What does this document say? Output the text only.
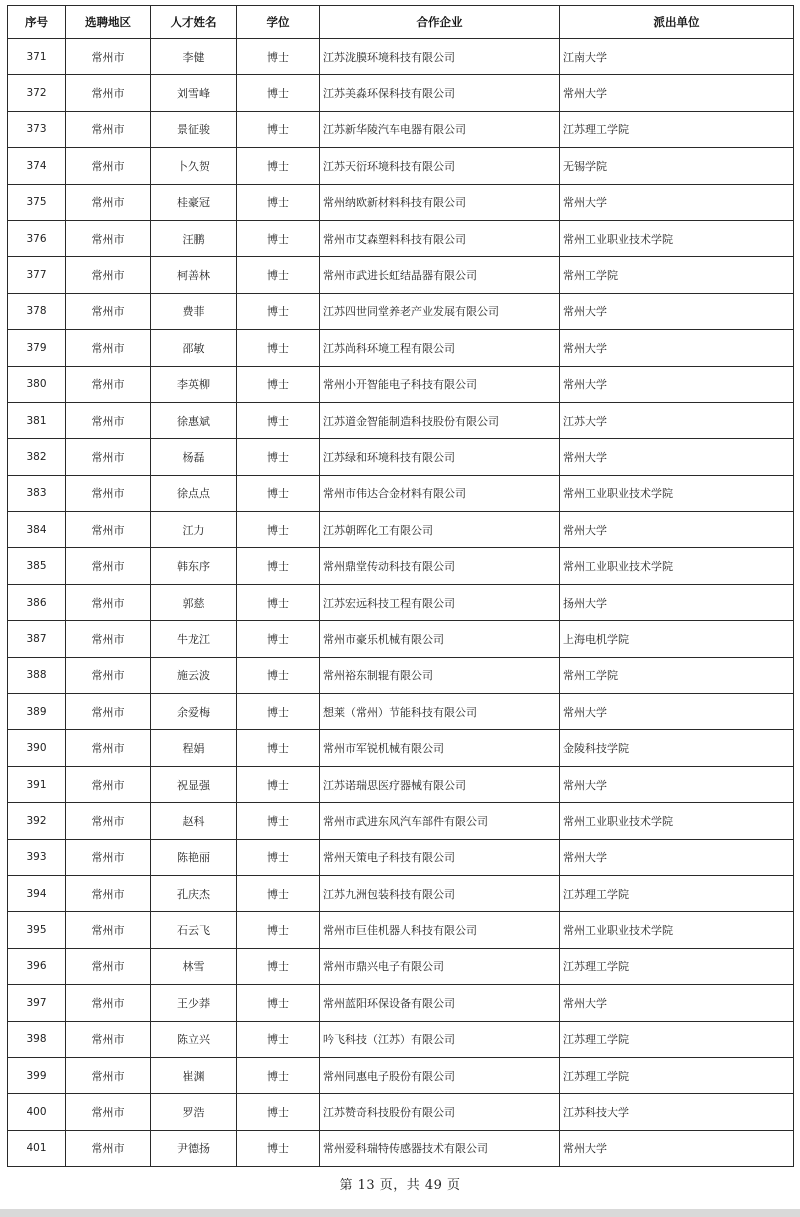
序号	选聘地区	人才姓名	学位	合作企业	派出单位
371	常州市	李健	博士	江苏泷膜环境科技有限公司	江南大学
372	常州市	刘雪峰	博士	江苏美淼环保科技有限公司	常州大学
373	常州市	景征骏	博士	江苏新华陵汽车电器有限公司	江苏理工学院
374	常州市	卜久贺	博士	江苏天衍环境科技有限公司	无锡学院
375	常州市	桂豪冠	博士	常州纳欧新材料科技有限公司	常州大学
376	常州市	汪鹏	博士	常州市艾森塑料科技有限公司	常州工业职业技术学院
377	常州市	柯善林	博士	常州市武进长虹结晶器有限公司	常州工学院
378	常州市	费菲	博士	江苏四世同堂养老产业发展有限公司	常州大学
379	常州市	邵敏	博士	江苏尚科环境工程有限公司	常州大学
380	常州市	李英柳	博士	常州小开智能电子科技有限公司	常州大学
381	常州市	徐惠斌	博士	江苏道金智能制造科技股份有限公司	江苏大学
382	常州市	杨磊	博士	江苏绿和环境科技有限公司	常州大学
383	常州市	徐点点	博士	常州市伟达合金材料有限公司	常州工业职业技术学院
384	常州市	江力	博士	江苏朝晖化工有限公司	常州大学
385	常州市	韩东序	博士	常州鼎堂传动科技有限公司	常州工业职业技术学院
386	常州市	郭慈	博士	江苏宏远科技工程有限公司	扬州大学
387	常州市	牛龙江	博士	常州市豪乐机械有限公司	上海电机学院
388	常州市	施云波	博士	常州裕东制辊有限公司	常州工学院
389	常州市	余爱梅	博士	想莱（常州）节能科技有限公司	常州大学
390	常州市	程娟	博士	常州市军锐机械有限公司	金陵科技学院
391	常州市	祝显强	博士	江苏诺瑞思医疗器械有限公司	常州大学
392	常州市	赵科	博士	常州市武进东风汽车部件有限公司	常州工业职业技术学院
393	常州市	陈艳丽	博士	常州天策电子科技有限公司	常州大学
394	常州市	孔庆杰	博士	江苏九洲包装科技有限公司	江苏理工学院
395	常州市	石云飞	博士	常州市巨佳机器人科技有限公司	常州工业职业技术学院
396	常州市	林雪	博士	常州市鼎兴电子有限公司	江苏理工学院
397	常州市	王少莽	博士	常州蓝阳环保设备有限公司	常州大学
398	常州市	陈立兴	博士	吟飞科技（江苏）有限公司	江苏理工学院
399	常州市	崔渊	博士	常州同惠电子股份有限公司	江苏理工学院
400	常州市	罗浩	博士	江苏赞奇科技股份有限公司	江苏科技大学
401	常州市	尹德扬	博士	常州爱科瑞特传感器技术有限公司	常州大学
第 13 页，共 49 页
